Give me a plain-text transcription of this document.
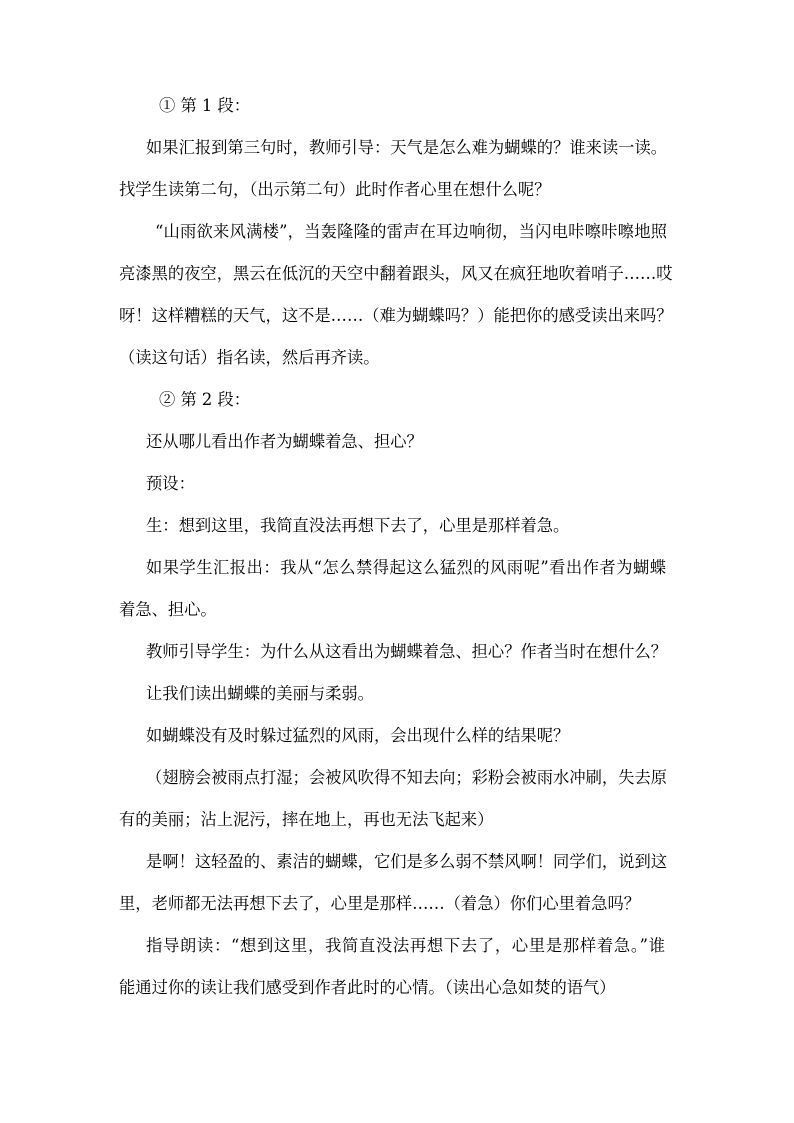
① 第 1 段：
如果汇报到第三句时，教师引导：天气是怎么难为蝴蝶的？谁来读一读。
找学生读第二句，（出示第二句）此时作者心里在想什么呢？
“山雨欲来风满楼”，当轰隆隆的雷声在耳边响彻，当闪电咔嚓咔嚓地照
亮漆黑的夜空，黑云在低沉的天空中翻着跟头，风又在疯狂地吹着哨子……哎
呀！这样糟糕的天气，这不是……（难为蝴蝶吗？）能把你的感受读出来吗？
（读这句话）指名读，然后再齐读。
② 第 2 段：
还从哪儿看出作者为蝴蝶着急、担心？
预设：
生：想到这里，我简直没法再想下去了，心里是那样着急。
如果学生汇报出：我从“怎么禁得起这么猛烈的风雨呢”看出作者为蝴蝶
着急、担心。
教师引导学生：为什么从这看出为蝴蝶着急、担心？作者当时在想什么？
让我们读出蝴蝶的美丽与柔弱。
如蝴蝶没有及时躲过猛烈的风雨，会出现什么样的结果呢？
（翅膀会被雨点打湿；会被风吹得不知去向；彩粉会被雨水冲刷，失去原
有的美丽；沾上泥污，摔在地上，再也无法飞起来）
是啊！这轻盈的、素洁的蝴蝶，它们是多么弱不禁风啊！同学们，说到这
里，老师都无法再想下去了，心里是那样……（着急）你们心里着急吗？
指导朗读：“想到这里，我简直没法再想下去了，心里是那样着急。”谁
能通过你的读让我们感受到作者此时的心情。（读出心急如焚的语气）
